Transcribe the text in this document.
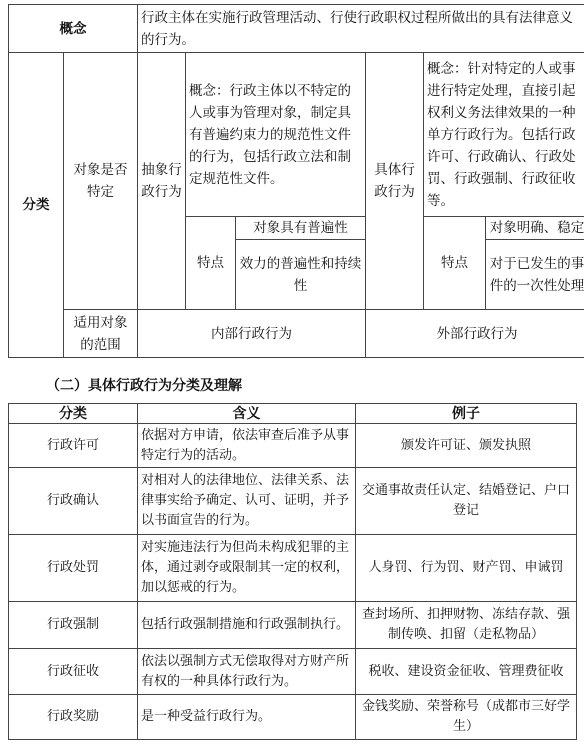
概念		行政主体在实施行政管理活动、行使行政职权过程所做出的具有法律意义的行为。					
分类	对象是否特定	抽象行政行为	概念：行政主体以不特定的人或事为管理对象，制定具有普遍约束力的规范性文件的行为，包括行政立法和制定规范性文件。		具体行政行为	概念：针对特定的人或事进行特定处理，直接引起权利义务法律效果的一种单方行政行为。包括行政许可、行政确认、行政处罚、行政强制、行政征收等。	
			特点	对象具有普遍性		特点	对象明确、稳定
				效力的普遍性和持续性			对于已发生的事件的一次性处理
	适用对象的范围	内部行政行为			外部行政行为		
（二）具体行政行为分类及理解
分类	含义	例子
行政许可	依据对方申请，依法审查后准予从事特定行为的活动。	颁发许可证、颁发执照
行政确认	对相对人的法律地位、法律关系、法律事实给予确定、认可、证明，并予以书面宣告的行为。	交通事故责任认定、结婚登记、户口登记
行政处罚	对实施违法行为但尚未构成犯罪的主体，通过剥夺或限制其一定的权利，加以惩戒的行为。	人身罚、行为罚、财产罚、申诫罚
行政强制	包括行政强制措施和行政强制执行。	查封场所、扣押财物、冻结存款、强制传唤、扣留（走私物品）
行政征收	依法以强制方式无偿取得对方财产所有权的一种具体行政行为。	税收、建设资金征收、管理费征收
行政奖励	是一种受益行政行为。	金钱奖励、荣誉称号（成都市三好学生）
